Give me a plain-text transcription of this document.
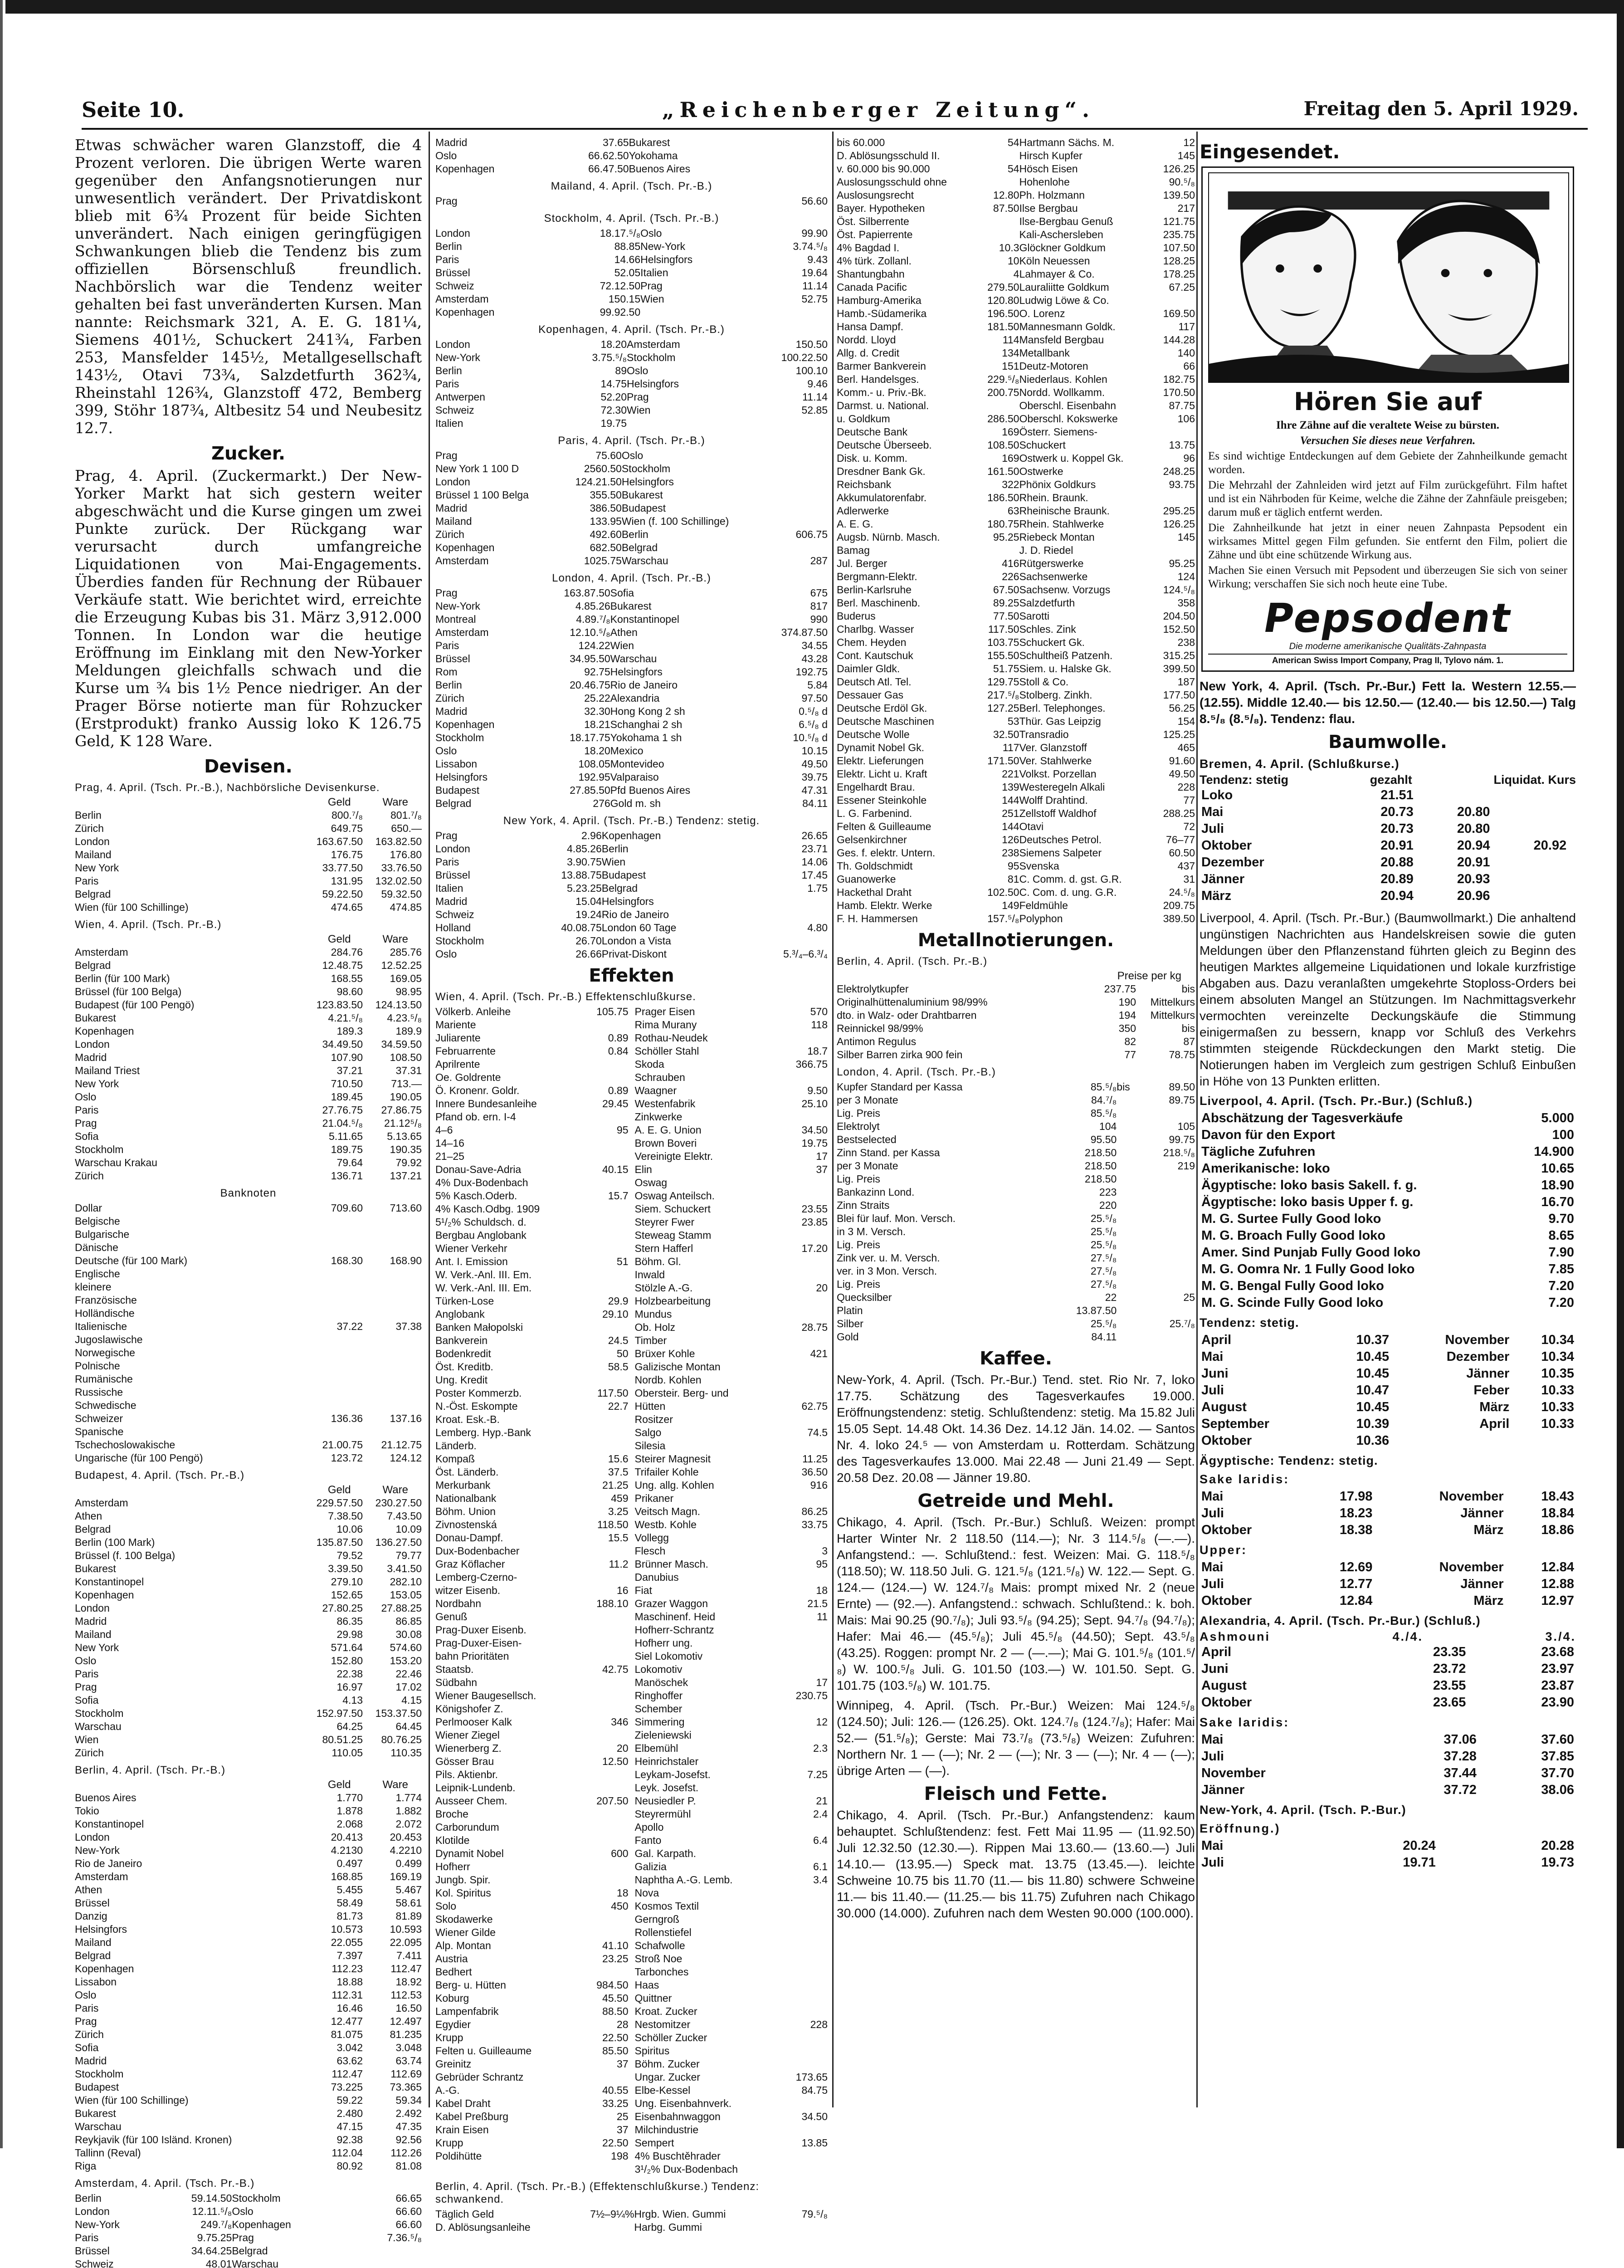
Seite 10.	„Reichenberger Zeitung“.	Freitag den 5. April 1929.

Etwas schwächer waren Glanzstoff, die 4 Prozent verloren. Die übrigen Werte waren gegenüber den Anfangsnotierungen nur unwesentlich verändert. Der Privatdiskont blieb mit 6¾ Prozent für beide Sichten unverändert. Nach einigen geringfügigen Schwankungen blieb die Tendenz bis zum offiziellen Börsenschluß freundlich. Nachbörslich war die Tendenz weiter gehalten bei fast unveränderten Kursen. Man nannte: Reichsmark 321, A. E. G. 181¼, Siemens 401½, Schuckert 241¾, Farben 253, Mansfelder 145½, Metallgesellschaft 143½, Otavi 73¾, Salzdetfurth 362¾, Rheinstahl 126¾, Glanzstoff 472, Bemberg 399, Stöhr 187¾, Altbesitz 54 und Neubesitz 12.7.

Zucker.

Prag, 4. April. (Zuckermarkt.) Der New-Yorker Markt hat sich gestern weiter abgeschwächt und die Kurse gingen um zwei Punkte zurück. Der Rückgang war verursacht durch umfangreiche Liquidationen von Mai-Engagements. Überdies fanden für Rechnung der Rübauer Verkäufe statt. Wie berichtet wird, erreichte die Erzeugung Kubas bis 31. März 3,912.000 Tonnen. In London war die heutige Eröffnung im Einklang mit den New-Yorker Meldungen gleichfalls schwach und die Kurse um ¾ bis 1½ Pence niedriger. An der Prager Börse notierte man für Rohzucker (Erstprodukt) franko Aussig loko K 126.75 Geld, K 128 Ware.

Devisen.
Prag, 4. April. (Tsch. Pr.-B.), Nachbörsliche Devisenkurse.
Geld	Ware
Berlin	800.⁷/₈	801.⁷/₈
Zürich	649.75	650.—
London	163.67.50	163.82.50
Mailand	176.75	176.80
New York	33.77.50	33.76.50
Paris	131.95	132.02.50
Belgrad	59.22.50	59.32.50
Wien (für 100 Schillinge)	474.65	474.85
Wien, 4. April. (Tsch. Pr.-B.)
Geld	Ware
Amsterdam	284.76	285.76
Belgrad	12.48.75	12.52.25
Berlin (für 100 Mark)	168.55	169.05
Brüssel (für 100 Belga)	98.60	98.95
Budapest (für 100 Pengö)	123.83.50	124.13.50
Bukarest	4.21.⁵/₈	4.23.⁵/₈
Kopenhagen	189.3	189.9
London	34.49.50	34.59.50
Madrid	107.90	108.50
Mailand Triest	37.21	37.31
New York	710.50	713.—
Oslo	189.45	190.05
Paris	27.76.75	27.86.75
Prag	21.04.⁵/₈	21.12⁵/₈
Sofia	5.11.65	5.13.65
Stockholm	189.75	190.35
Warschau Krakau	79.64	79.92
Zürich	136.71	137.21
Banknoten
Dollar	709.60	713.60
Belgische		
Bulgarische		
Dänische		
Deutsche (für 100 Mark)	168.30	168.90
Englische		
kleinere		
Französische		
Holländische		
Italienische	37.22	37.38
Jugoslawische		
Norwegische		
Polnische		
Rumänische		
Russische		
Schwedische		
Schweizer	136.36	137.16
Spanische		
Tschechoslowakische	21.00.75	21.12.75
Ungarische (für 100 Pengö)	123.72	124.12
Budapest, 4. April. (Tsch. Pr.-B.)
Geld	Ware
Amsterdam	229.57.50	230.27.50
Athen	7.38.50	7.43.50
Belgrad	10.06	10.09
Berlin (100 Mark)	135.87.50	136.27.50
Brüssel (f. 100 Belga)	79.52	79.77
Bukarest	3.39.50	3.41.50
Konstantinopel	279.10	282.10
Kopenhagen	152.65	153.05
London	27.80.25	27.88.25
Madrid	86.35	86.85
Mailand	29.98	30.08
New York	571.64	574.60
Oslo	152.80	153.20
Paris	22.38	22.46
Prag	16.97	17.02
Sofia	4.13	4.15
Stockholm	152.97.50	153.37.50
Warschau	64.25	64.45
Wien	80.51.25	80.76.25
Zürich	110.05	110.35
Berlin, 4. April. (Tsch. Pr.-B.)
Geld	Ware
Buenos Aires	1.770	1.774
Tokio	1.878	1.882
Konstantinopel	2.068	2.072
London	20.413	20.453
New-York	4.2130	4.2210
Rio de Janeiro	0.497	0.499
Amsterdam	168.85	169.19
Athen	5.455	5.467
Brüssel	58.49	58.61
Danzig	81.73	81.89
Helsingfors	10.573	10.593
Mailand	22.055	22.095
Belgrad	7.397	7.411
Kopenhagen	112.23	112.47
Lissabon	18.88	18.92
Oslo	112.31	112.53
Paris	16.46	16.50
Prag	12.477	12.497
Zürich	81.075	81.235
Sofia	3.042	3.048
Madrid	63.62	63.74
Stockholm	112.47	112.69
Budapest	73.225	73.365
Wien (für 100 Schillinge)	59.22	59.34
Bukarest	2.480	2.492
Warschau	47.15	47.35
Reykjavik (für 100 Isländ. Kronen)	92.38	92.56
Tallinn (Reval)	112.04	112.26
Riga	80.92	81.08
Amsterdam, 4. April. (Tsch. Pr.-B.)
Berlin	59.14.50	Stockholm	66.65
London	12.11.⁵/₈	Oslo	66.60
New-York	249.⁷/₈	Kopenhagen	66.60
Paris	9.75.25	Prag	7.36.⁵/₈
Brüssel	34.64.25	Belgrad	
Schweiz	48.01	Warschau	

Madrid	37.65	Bukarest	
Oslo	66.62.50	Yokohama	
Kopenhagen	66.47.50	Buenos Aires	
Mailand, 4. April. (Tsch. Pr.-B.)
Prag			56.60
Stockholm, 4. April. (Tsch. Pr.-B.)
London	18.17.⁵/₈	Oslo	99.90
Berlin	88.85	New-York	3.74.⁵/₈
Paris	14.66	Helsingfors	9.43
Brüssel	52.05	Italien	19.64
Schweiz	72.12.50	Prag	11.14
Amsterdam	150.15	Wien	52.75
Kopenhagen	99.92.50		
Kopenhagen, 4. April. (Tsch. Pr.-B.)
London	18.20	Amsterdam	150.50
New-York	3.75.⁵/₈	Stockholm	100.22.50
Berlin	89	Oslo	100.10
Paris	14.75	Helsingfors	9.46
Antwerpen	52.20	Prag	11.14
Schweiz	72.30	Wien	52.85
Italien	19.75		
Paris, 4. April. (Tsch. Pr.-B.)
Prag	75.60	Oslo	
New York 1 100 D	2560.50	Stockholm	
London	124.21.50	Helsingfors	
Brüssel 1 100 Belga	355.50	Bukarest	
Madrid	386.50	Budapest	
Mailand	133.95	Wien (f. 100 Schillinge)	
Zürich	492.60	Berlin	606.75
Kopenhagen	682.50	Belgrad	
Amsterdam	1025.75	Warschau	287
London, 4. April. (Tsch. Pr.-B.)
Prag	163.87.50	Sofia	675
New-York	4.85.26	Bukarest	817
Montreal	4.89.⁷/₈	Konstantinopel	990
Amsterdam	12.10.⁵/₈	Athen	374.87.50
Paris	124.22	Wien	34.55
Brüssel	34.95.50	Warschau	43.28
Rom	92.75	Helsingfors	192.75
Berlin	20.46.75	Rio de Janeiro	5.84
Zürich	25.22	Alexandria	97.50
Madrid	32.30	Hong Kong 2 sh	0.⁵/₈ d
Kopenhagen	18.21	Schanghai 2 sh	6.⁵/₈ d
Stockholm	18.17.75	Yokohama 1 sh	10.⁵/₈ d
Oslo	18.20	Mexico	10.15
Lissabon	108.05	Montevideo	49.50
Helsingfors	192.95	Valparaiso	39.75
Budapest	27.85.50	Pfd Buenos Aires	47.31
Belgrad	276	Gold m. sh	84.11
New York, 4. April. (Tsch. Pr.-B.) Tendenz: stetig.
Prag	2.96	Kopenhagen	26.65
London	4.85.26	Berlin	23.71
Paris	3.90.75	Wien	14.06
Brüssel	13.88.75	Budapest	17.45
Italien	5.23.25	Belgrad	1.75
Madrid	15.04	Helsingfors	
Schweiz	19.24	Rio de Janeiro	
Holland	40.08.75	London 60 Tage	4.80
Stockholm	26.70	London a Vista	
Oslo	26.66	Privat-Diskont	5.³/₄–6.³/₄
Effekten
Wien, 4. April. (Tsch. Pr.-B.) Effektenschlußkurse.
Völkerb. Anleihe	105.75
Mariente	
Juliarente	0.89
Februarrente	0.84
Aprilrente	
Oe. Goldrente	
Ö. Kronenr. Goldr.	0.89
Innere Bundesanleihe	29.45
Pfand ob. ern. I-4	
4–6	95
14–16	
21–25	
Donau-Save-Adria	40.15
4% Dux-Bodenbach	
5% Kasch.Oderb.	15.7
4% Kasch.Odbg. 1909	
5¹/₂% Schuldsch. d.	
Bergbau Anglobank	
Wiener Verkehr	
Ant. I. Emission	51
W. Verk.-Anl. III. Em.	
W. Verk.-Anl. III. Em.	
Türken-Lose	29.9
Anglobank	29.10
Banken Małopolski	
Bankverein	24.5
Bodenkredit	50
Öst. Kreditb.	58.5
Ung. Kredit	
Poster Kommerzb.	117.50
N.-Öst. Eskompte	22.7
Kroat. Esk.-B.	
Lemberg. Hyp.-Bank	
Länderb.	
Kompaß	15.6
Öst. Länderb.	37.5
Merkurbank	21.25
Nationalbank	459
Böhm. Union	3.25
Zivnostenská	118.50
Donau-Dampf.	15.5
Dux-Bodenbacher	
Graz Köflacher	11.2
Lemberg-Czerno-	
witzer Eisenb.	16
Nordbahn	188.10
Genuß	
Prag-Duxer Eisenb.	
Prag-Duxer-Eisen-	
bahn Prioritäten	
Staatsb.	42.75
Südbahn	
Wiener Baugesellsch.	
Königshofer Z.	
Perlmooser Kalk	346
Wiener Ziegel	
Wienerberg Z.	20
Gösser Brau	12.50
Pils. Aktienbr.	
Leipnik-Lundenb.	
Ausseer Chem.	207.50
Broche	
Carborundum	
Klotilde	
Dynamit Nobel	600
Hofherr	
Jungb. Spir.	
Kol. Spiritus	18
Solo	450
Skodawerke	
Wiener Gilde	
Alp. Montan	41.10
Austria	23.25
Bedhert	
Berg- u. Hütten	984.50
Koburg	45.50
Lampenfabrik	88.50
Egydier	28
Krupp	22.50
Felten u. Guilleaume	85.50
Greinitz	37
Gebrüder Schrantz	
A.-G.	40.55
Kabel Draht	33.25
Kabel Preßburg	25
Krain Eisen	37
Krupp	22.50
Poldihütte	198
Prager Eisen	570
Rima Murany	118
Rothau-Neudek	
Schöller Stahl	18.7
Skoda	366.75
Schrauben	
Waagner	9.50
Westenfabrik	25.10
Zinkwerke	
A. E. G. Union	34.50
Brown Boveri	19.75
Vereinigte Elektr.	17
Elin	37
Oswag	
Oswag Anteilsch.	
Siem. Schuckert	23.55
Steyrer Fwer	23.85
Steweag Stamm	
Stern Hafferl	17.20
Böhm. Gl.	
Inwald	
Stölzle A.-G.	20
Holzbearbeitung	
Mundus	
Ob. Holz	28.75
Timber	
Brüxer Kohle	421
Galizische Montan	
Nordb. Kohlen	
Obersteir. Berg- und	
Hütten	62.75
Rositzer	
Salgo	74.5
Silesia	
Steirer Magnesit	11.25
Trifailer Kohle	36.50
Ung. allg. Kohlen	916
Prikaner	
Veitsch Magn.	86.25
Westb. Kohle	33.75
Vollegg	
Flesch	3
Brünner Masch.	95
Danubius	
Fiat	18
Grazer Waggon	21.5
Maschinenf. Heid	11
Hofherr-Schrantz	
Hofherr ung.	
Siel Lokomotiv	
Lokomotiv	
Manöschek	17
Ringhoffer	230.75
Schember	
Simmering	12
Zieleniewski	
Elbemühl	2.3
Heinrichstaler	
Leykam-Josefst.	7.25
Leyk. Josefst.	
Neusiedler P.	21
Steyrermühl	2.4
Apollo	
Fanto	6.4
Gal. Karpath.	
Galizia	6.1
Naphtha A.-G. Lemb.	3.4
Nova	
Kosmos Textil	
Gerngroß	
Rollenstiefel	
Schafwolle	
Stroß Noe	
Tarbonches	
Haas	
Quittner	
Kroat. Zucker	
Nestomitzer	228
Schöller Zucker	
Spiritus	
Böhm. Zucker	
Ungar. Zucker	173.65
Elbe-Kessel	84.75
Ung. Eisenbahnverk.	
Eisenbahnwaggon	34.50
Milchindustrie	
Sempert	13.85
4% Buschtěhrader	
3¹/₂% Dux-Bodenbach	
Berlin, 4. April. (Tsch. Pr.-B.) (Effektenschlußkurse.) Tendenz: schwankend.
Täglich Geld	7½–9¼%	Hrgb. Wien. Gummi	79.⁵/₈
D. Ablösungsanleihe		Harbg. Gummi	
bis 60.000	54	Hartmann Sächs. M.	12
D. Ablösungsschuld II.		Hirsch Kupfer	145
v. 60.000 bis 90.000	54	Hösch Eisen	126.25
Auslosungsschuld ohne		Hohenlohe	90.⁵/₈
Auslosungsrecht	12.80	Ph. Holzmann	139.50
Bayer. Hypotheken	87.50	Ilse Bergbau	217
Öst. Silberrente		Ilse-Bergbau Genuß	121.75
Öst. Papierrente		Kali-Aschersleben	235.75
4% Bagdad I.	10.3	Glöckner Goldkum	107.50
4% türk. Zollanl.	10	Köln Neuessen	128.25
Shantungbahn	4	Lahmayer & Co.	178.25
Canada Pacific	279.50	Lauraliitte Goldkum	67.25
Hamburg-Amerika	120.80	Ludwig Löwe & Co.	
Hamb.-Südamerika	196.50	O. Lorenz	169.50
Hansa Dampf.	181.50	Mannesmann Goldk.	117
Nordd. Lloyd	114	Mansfeld Bergbau	144.28
Allg. d. Credit	134	Metallbank	140
Barmer Bankverein	151	Deutz-Motoren	66
Berl. Handelsges.	229.⁵/₈	Niederlaus. Kohlen	182.75
Komm.- u. Priv.-Bk.	200.75	Nordd. Wollkamm.	170.50
Darmst. u. National.		Oberschl. Eisenbahn	87.75
u. Goldkum	286.50	Oberschl. Kokswerke	106
Deutsche Bank	169	Österr. Siemens-	
Deutsche Überseeb.	108.50	Schuckert	13.75
Disk. u. Komm.	169	Ostwerk u. Koppel Gk.	96
Dresdner Bank Gk.	161.50	Ostwerke	248.25
Reichsbank	322	Phönix Goldkurs	93.75
Akkumulatorenfabr.	186.50	Rhein. Braunk.	
Adlerwerke	63	Rheinische Braunk.	295.25
A. E. G.	180.75	Rhein. Stahlwerke	126.25
Augsb. Nürnb. Masch.	95.25	Riebeck Montan	145
Bamag		J. D. Riedel	
Jul. Berger	416	Rütgerswerke	95.25
Bergmann-Elektr.	226	Sachsenwerke	124
Berlin-Karlsruhe	67.50	Sachsenw. Vorzugs	124.⁵/₈
Berl. Maschinenb.	89.25	Salzdetfurth	358
Buderus	77.50	Sarotti	204.50
Charlbg. Wasser	117.50	Schles. Zink	152.50
Chem. Heyden	103.75	Schuckert Gk.	238
Cont. Kautschuk	155.50	Schultheiß Patzenh.	315.25
Daimler Gldk.	51.75	Siem. u. Halske Gk.	399.50
Deutsch Atl. Tel.	129.75	Stoll & Co.	187
Dessauer Gas	217.⁵/₈	Stolberg. Zinkh.	177.50
Deutsche Erdöl Gk.	127.25	Berl. Telephonges.	56.25
Deutsche Maschinen	53	Thür. Gas Leipzig	154
Deutsche Wolle	32.50	Transradio	125.25
Dynamit Nobel Gk.	117	Ver. Glanzstoff	465
Elektr. Lieferungen	171.50	Ver. Stahlwerke	91.60
Elektr. Licht u. Kraft	221	Volkst. Porzellan	49.50
Engelhardt Brau.	139	Westeregeln Alkali	228
Essener Steinkohle	144	Wolff Drahtind.	77
L. G. Farbenind.	251	Zellstoff Waldhof	288.25
Felten & Guilleaume	144	Otavi	72
Gelsenkirchner	126	Deutsches Petrol.	76–77
Ges. f. elektr. Untern.	238	Siemens Salpeter	60.50
Th. Goldschmidt	95	Svenska	437
Guanowerke	81	C. Comm. d. gst. G.R.	31
Hackethal Draht	102.50	C. Com. d. ung. G.R.	24.⁵/₈
Hamb. Elektr. Werke	149	Feldmühle	209.75
F. H. Hammersen	157.⁵/₈	Polyphon	389.50
Metallnotierungen.
Berlin, 4. April. (Tsch. Pr.-B.)
Preise per kg
Elektrolytkupfer	237.75	bis
Originalhüttenaluminium 98/99%	190	Mittelkurs
dto. in Walz- oder Drahtbarren	194	Mittelkurs
Reinnickel 98/99%	350	bis
Antimon Regulus	82	87
Silber Barren zirka 900 fein	77	78.75
London, 4. April. (Tsch. Pr.-B.)
Kupfer Standard per Kassa	85.⁵/₈	bis	89.50
per 3 Monate	84.⁷/₈		89.75
Lig. Preis	85.⁵/₈		
Elektrolyt	104		105
Bestselected	95.50		99.75
Zinn Stand. per Kassa	218.50		218.⁵/₈
per 3 Monate	218.50		219
Lig. Preis	218.50		
Bankazinn Lond.	223		
Zinn Straits	220		
Blei für lauf. Mon. Versch.	25.⁵/₈		
in 3 M. Versch.	25.⁵/₈		
Lig. Preis	25.⁵/₈		
Zink ver. u. M. Versch.	27.⁵/₈		
ver. in 3 Mon. Versch.	27.⁵/₈		
Lig. Preis	27.⁵/₈		
Quecksilber	22		25
Platin	13.87.50		
Silber	25.⁵/₈		25.⁷/₈
Gold	84.11		
Kaffee.

New-York, 4. April. (Tsch. Pr.-Bur.) Tend. stet. Rio Nr. 7, loko 17.75. Schätzung des Tagesverkaufes 19.000. Eröffnungstendenz: stetig. Schlußtendenz: stetig. Ma 15.82 Juli 15.05 Sept. 14.48 Okt. 14.36 Dez. 14.12 Jän. 14.02. — Santos Nr. 4. loko 24.⁵ — von Amsterdam u. Rotterdam. Schätzung des Tagesverkaufes 13.000. Mai 22.48 — Juni 21.49 — Sept. 20.58 Dez. 20.08 — Jänner 19.80.

Getreide und Mehl.

Chikago, 4. April. (Tsch. Pr.-Bur.) Schluß. Weizen: prompt Harter Winter Nr. 2 118.50 (114.—); Nr. 3 114.⁵/₈ (—.—). Anfangstend.: —. Schlußtend.: fest. Weizen: Mai. G. 118.⁵/₈ (118.50); W. 118.50 Juli. G. 121.⁵/₈ (121.⁵/₈) W. 122.— Sept. G. 124.— (124.—) W. 124.⁷/₈ Mais: prompt mixed Nr. 2 (neue Ernte) — (92.—). Anfangstend.: schwach. Schlußtend.: k. boh. Mais: Mai 90.25 (90.⁷/₈); Juli 93.⁵/₈ (94.25); Sept. 94.⁷/₈ (94.⁷/₈); Hafer: Mai 46.— (45.⁵/₈); Juli 45.⁵/₈ (44.50); Sept. 43.⁵/₈ (43.25). Roggen: prompt Nr. 2 — (—.—); Mai G. 101.⁵/₈ (101.⁵/₈) W. 100.⁵/₈ Juli. G. 101.50 (103.—) W. 101.50. Sept. G. 101.75 (103.⁵/₈) W. 101.75.

Winnipeg, 4. April. (Tsch. Pr.-Bur.) Weizen: Mai 124.⁵/₈ (124.50); Juli: 126.— (126.25). Okt. 124.⁷/₈ (124.⁷/₈); Hafer: Mai 52.— (51.⁵/₈); Gerste: Mai 73.⁷/₈ (73.⁵/₈) Weizen: Zufuhren: Northern Nr. 1 — (—); Nr. 2 — (—); Nr. 3 — (—); Nr. 4 — (—); übrige Arten — (—).

Fleisch und Fette.

Chikago, 4. April. (Tsch. Pr.-Bur.) Anfangstendenz: kaum behauptet. Schlußtendenz: fest. Fett Mai 11.95 — (11.92.50) Juli 12.32.50 (12.30.—). Rippen Mai 13.60.— (13.60.—) Juli 14.10.— (13.95.—) Speck mat. 13.75 (13.45.—). leichte Schweine 10.75 bis 11.70 (11.— bis 11.80) schwere Schweine 11.— bis 11.40.— (11.25.— bis 11.75) Zufuhren nach Chikago 30.000 (14.000). Zufuhren nach dem Westen 90.000 (100.000).

Eingesendet.
Hören Sie auf
Ihre Zähne auf die veraltete Weise zu bürsten.
Versuchen Sie dieses neue Verfahren.
Es sind wichtige Entdeckungen auf dem Gebiete der Zahnheilkunde gemacht worden.
Die Mehrzahl der Zahnleiden wird jetzt auf Film zurückgeführt. Film haftet und ist ein Nährboden für Keime, welche die Zähne der Zahnfäule preisgeben; darum muß er täglich entfernt werden.
Die Zahnheilkunde hat jetzt in einer neuen Zahnpasta Pepsodent ein wirksames Mittel gegen Film gefunden. Sie entfernt den Film, poliert die Zähne und übt eine schützende Wirkung aus.
Machen Sie einen Versuch mit Pepsodent und überzeugen Sie sich von seiner Wirkung; verschaffen Sie sich noch heute eine Tube.
Pepsodent
Die moderne amerikanische Qualitäts-Zahnpasta
American Swiss Import Company, Prag II, Tylovo nám. 1.

New York, 4. April. (Tsch. Pr.-Bur.) Fett la. Western 12.55.— (12.55). Middle 12.40.— bis 12.50.— (12.40.— bis 12.50.—) Talg 8.⁵/₈ (8.⁵/₈). Tendenz: flau.

Baumwolle.
Bremen, 4. April. (Schlußkurse.)
Tendenz: stetig	gezahlt	Liquidat. Kurs
Loko	21.51			
Mai	20.73	20.80		
Juli	20.73	20.80		
Oktober	20.91	20.94	20.92	
Dezember	20.88	20.91		
Jänner	20.89	20.93		
März	20.94	20.96		

Liverpool, 4. April. (Tsch. Pr.-Bur.) (Baumwollmarkt.) Die anhaltend ungünstigen Nachrichten aus Handelskreisen sowie die guten Meldungen über den Pflanzenstand führten gleich zu Beginn des heutigen Marktes allgemeine Liquidationen und lokale kurzfristige Abgaben aus. Dazu veranlaßten umgekehrte Stoploss-Orders bei einem absoluten Mangel an Stützungen. Im Nachmittagsverkehr vermochten vereinzelte Deckungskäufe die Stimmung einigermaßen zu bessern, knapp vor Schluß des Verkehrs stimmten steigende Rückdeckungen den Markt stetig. Die Notierungen haben im Vergleich zum gestrigen Schluß Einbußen in Höhe von 13 Punkten erlitten.

Liverpool, 4. April. (Tsch. Pr.-Bur.) (Schluß.)
Abschätzung der Tagesverkäufe	5.000
Davon für den Export	100
Tägliche Zufuhren	14.900
Amerikanische: loko	10.65
Ägyptische: loko basis Sakell. f. g.	18.90
Ägyptische: loko basis Upper f. g.	16.70
M. G. Surtee Fully Good loko	9.70
M. G. Broach Fully Good loko	8.65
Amer. Sind Punjab Fully Good loko	7.90
M. G. Oomra Nr. 1 Fully Good loko	7.85
M. G. Bengal Fully Good loko	7.20
M. G. Scinde Fully Good loko	7.20
Tendenz: stetig.
April	10.37	November	10.34
Mai	10.45	Dezember	10.34
Juni	10.45	Jänner	10.35
Juli	10.47	Feber	10.33
August	10.45	März	10.33
September	10.39	April	10.33
Oktober	10.36		
Ägyptische: Tendenz: stetig.
Sake laridis:
Mai	17.98	November	18.43
Juli	18.23	Jänner	18.84
Oktober	18.38	März	18.86
Upper:
Mai	12.69	November	12.84
Juli	12.77	Jänner	12.88
Oktober	12.84	März	12.97
Alexandria, 4. April. (Tsch. Pr.-Bur.) (Schluß.)
Ashmouni	4./4.	3./4.
April	23.35	23.68
Juni	23.72	23.97
August	23.55	23.87
Oktober	23.65	23.90
Sake laridis:
Mai	37.06	37.60
Juli	37.28	37.85
November	37.44	37.70
Jänner	37.72	38.06
New-York, 4. April. (Tsch. P.-Bur.)
Eröffnung.)
Mai	20.24	20.28
Juli	19.71	19.73
